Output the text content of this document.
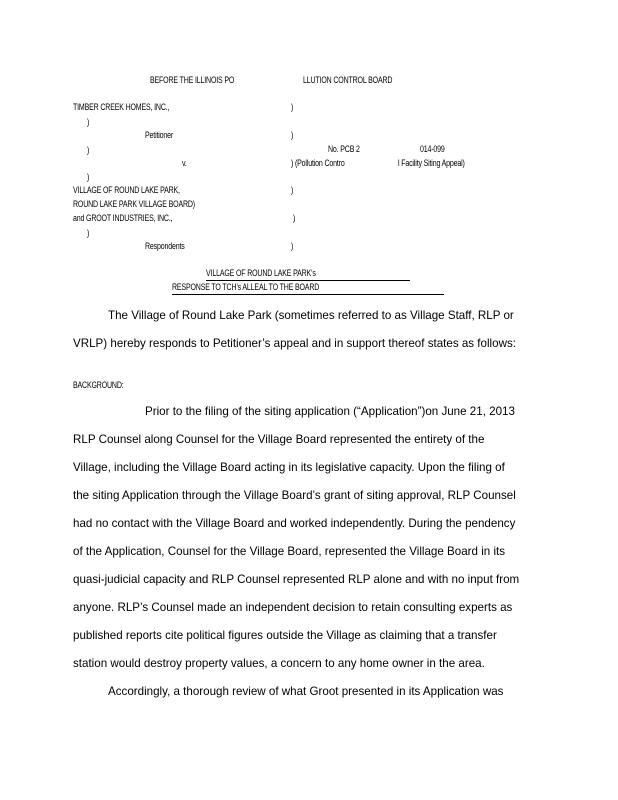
BEFORE THE ILLINOIS PO	LLUTION CONTROL BOARD
TIMBER CREEK HOMES, INC.,	)
)
Petitioner	)
)	No. PCB 2	014-099
v.	) (Pollution Contro	l Facility Siting Appeal)
)
VILLAGE OF ROUND LAKE PARK,	)
ROUND LAKE PARK VILLAGE BOARD)
and GROOT INDUSTRIES, INC.,	)
)
Respondents	)
VILLAGE OF ROUND LAKE PARK’s
RESPONSE TO TCH’s ALLEAL TO THE BOARD
The Village of Round Lake Park (sometimes referred to as Village Staff, RLP or
VRLP) hereby responds to Petitioner’s appeal and in support thereof states as follows:
BACKGROUND:
Prior to the filing of the siting application (“Application”)on June 21, 2013
RLP Counsel along Counsel for the Village Board represented the entirety of the
Village, including the Village Board acting in its legislative capacity. Upon the filing of
the siting Application through the Village Board’s grant of siting approval, RLP Counsel
had no contact with the Village Board and worked independently. During the pendency
of the Application, Counsel for the Village Board, represented the Village Board in its
quasi-judicial capacity and RLP Counsel represented RLP alone and with no input from
anyone. RLP’s Counsel made an independent decision to retain consulting experts as
published reports cite political figures outside the Village as claiming that a transfer
station would destroy property values, a concern to any home owner in the area.
Accordingly, a thorough review of what Groot presented in its Application was
